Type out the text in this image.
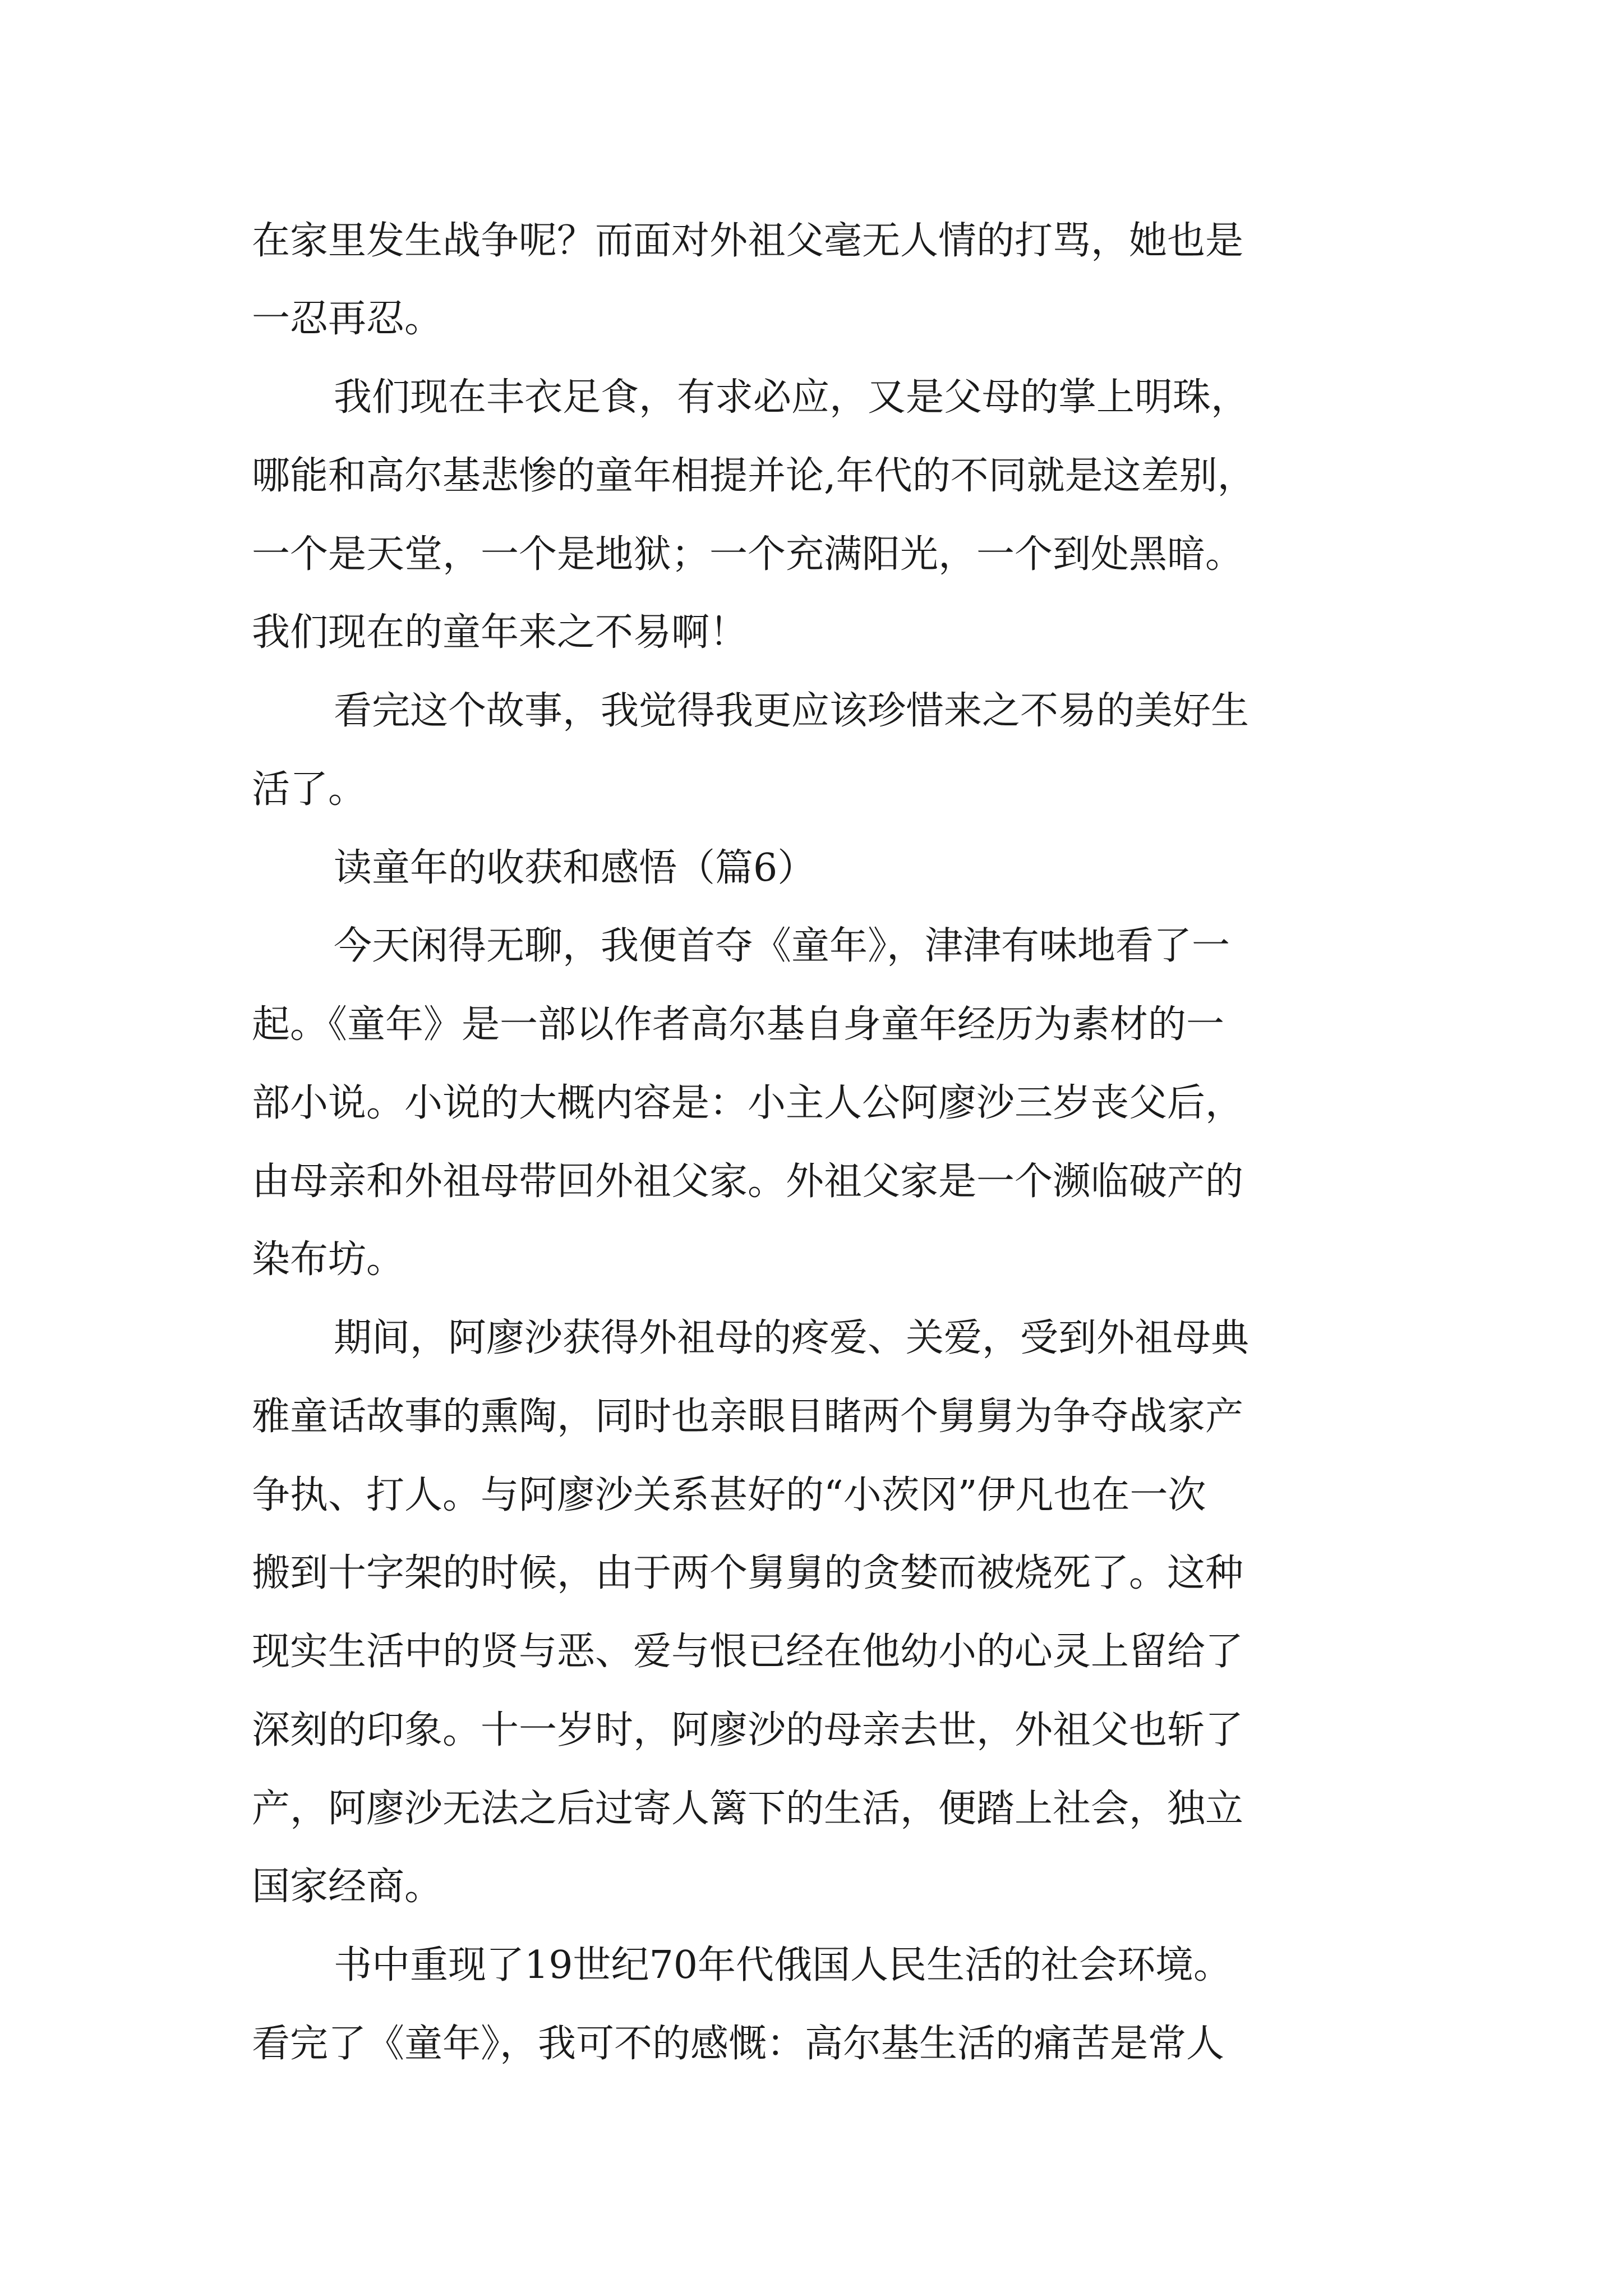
在家里发生战争呢？而面对外祖父毫无人情的打骂，她也是
一忍再忍。
我们现在丰衣足食，有求必应，又是父母的掌上明珠，
哪能和高尔基悲惨的童年相提并论,年代的不同就是这差别，
一个是天堂，一个是地狱；一个充满阳光，一个到处黑暗。
我们现在的童年来之不易啊！
看完这个故事，我觉得我更应该珍惜来之不易的美好生
活了。
读童年的收获和感悟（篇6）
今天闲得无聊，我便首夺《童年》，津津有味地看了一
起。《童年》是一部以作者高尔基自身童年经历为素材的一
部小说。小说的大概内容是：小主人公阿廖沙三岁丧父后，
由母亲和外祖母带回外祖父家。外祖父家是一个濒临破产的
染布坊。
期间，阿廖沙获得外祖母的疼爱、关爱，受到外祖母典
雅童话故事的熏陶，同时也亲眼目睹两个舅舅为争夺战家产
争执、打人。与阿廖沙关系甚好的“小茨冈”伊凡也在一次
搬到十字架的时候，由于两个舅舅的贪婪而被烧死了。这种
现实生活中的贤与恶、爱与恨已经在他幼小的心灵上留给了
深刻的印象。十一岁时，阿廖沙的母亲去世，外祖父也斩了
产，阿廖沙无法之后过寄人篱下的生活，便踏上社会，独立
国家经商。
书中重现了19世纪70年代俄国人民生活的社会环境。
看完了《童年》，我可不的感慨：高尔基生活的痛苦是常人
